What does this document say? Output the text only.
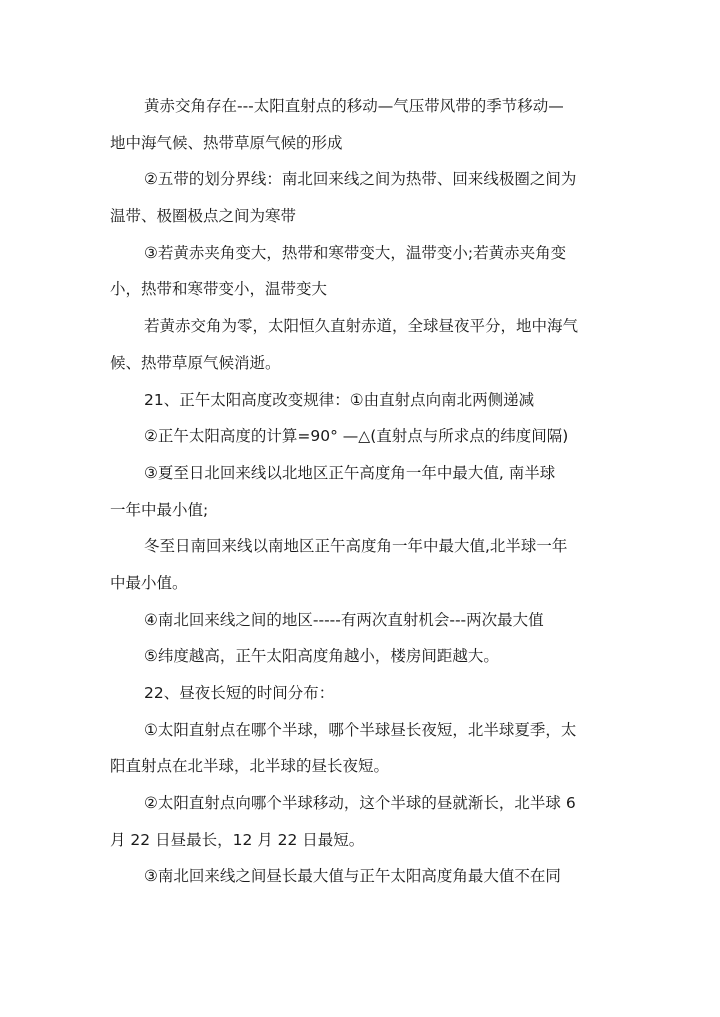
黄赤交角存在---太阳直射点的移动—气压带风带的季节移动—
地中海气候、热带草原气候的形成
②五带的划分界线：南北回来线之间为热带、回来线极圈之间为
温带、极圈极点之间为寒带
③若黄赤夹角变大，热带和寒带变大，温带变小;若黄赤夹角变
小，热带和寒带变小，温带变大
若黄赤交角为零，太阳恒久直射赤道，全球昼夜平分，地中海气
候、热带草原气候消逝。
21、正午太阳高度改变规律：①由直射点向南北两侧递减
②正午太阳高度的计算=90° —△(直射点与所求点的纬度间隔)
③夏至日北回来线以北地区正午高度角一年中最大值, 南半球
一年中最小值;
冬至日南回来线以南地区正午高度角一年中最大值,北半球一年
中最小值。
④南北回来线之间的地区-----有两次直射机会---两次最大值
⑤纬度越高，正午太阳高度角越小，楼房间距越大。
22、昼夜长短的时间分布：
①太阳直射点在哪个半球，哪个半球昼长夜短，北半球夏季，太
阳直射点在北半球，北半球的昼长夜短。
②太阳直射点向哪个半球移动，这个半球的昼就渐长，北半球 6
月 22 日昼最长，12 月 22 日最短。
③南北回来线之间昼长最大值与正午太阳高度角最大值不在同
